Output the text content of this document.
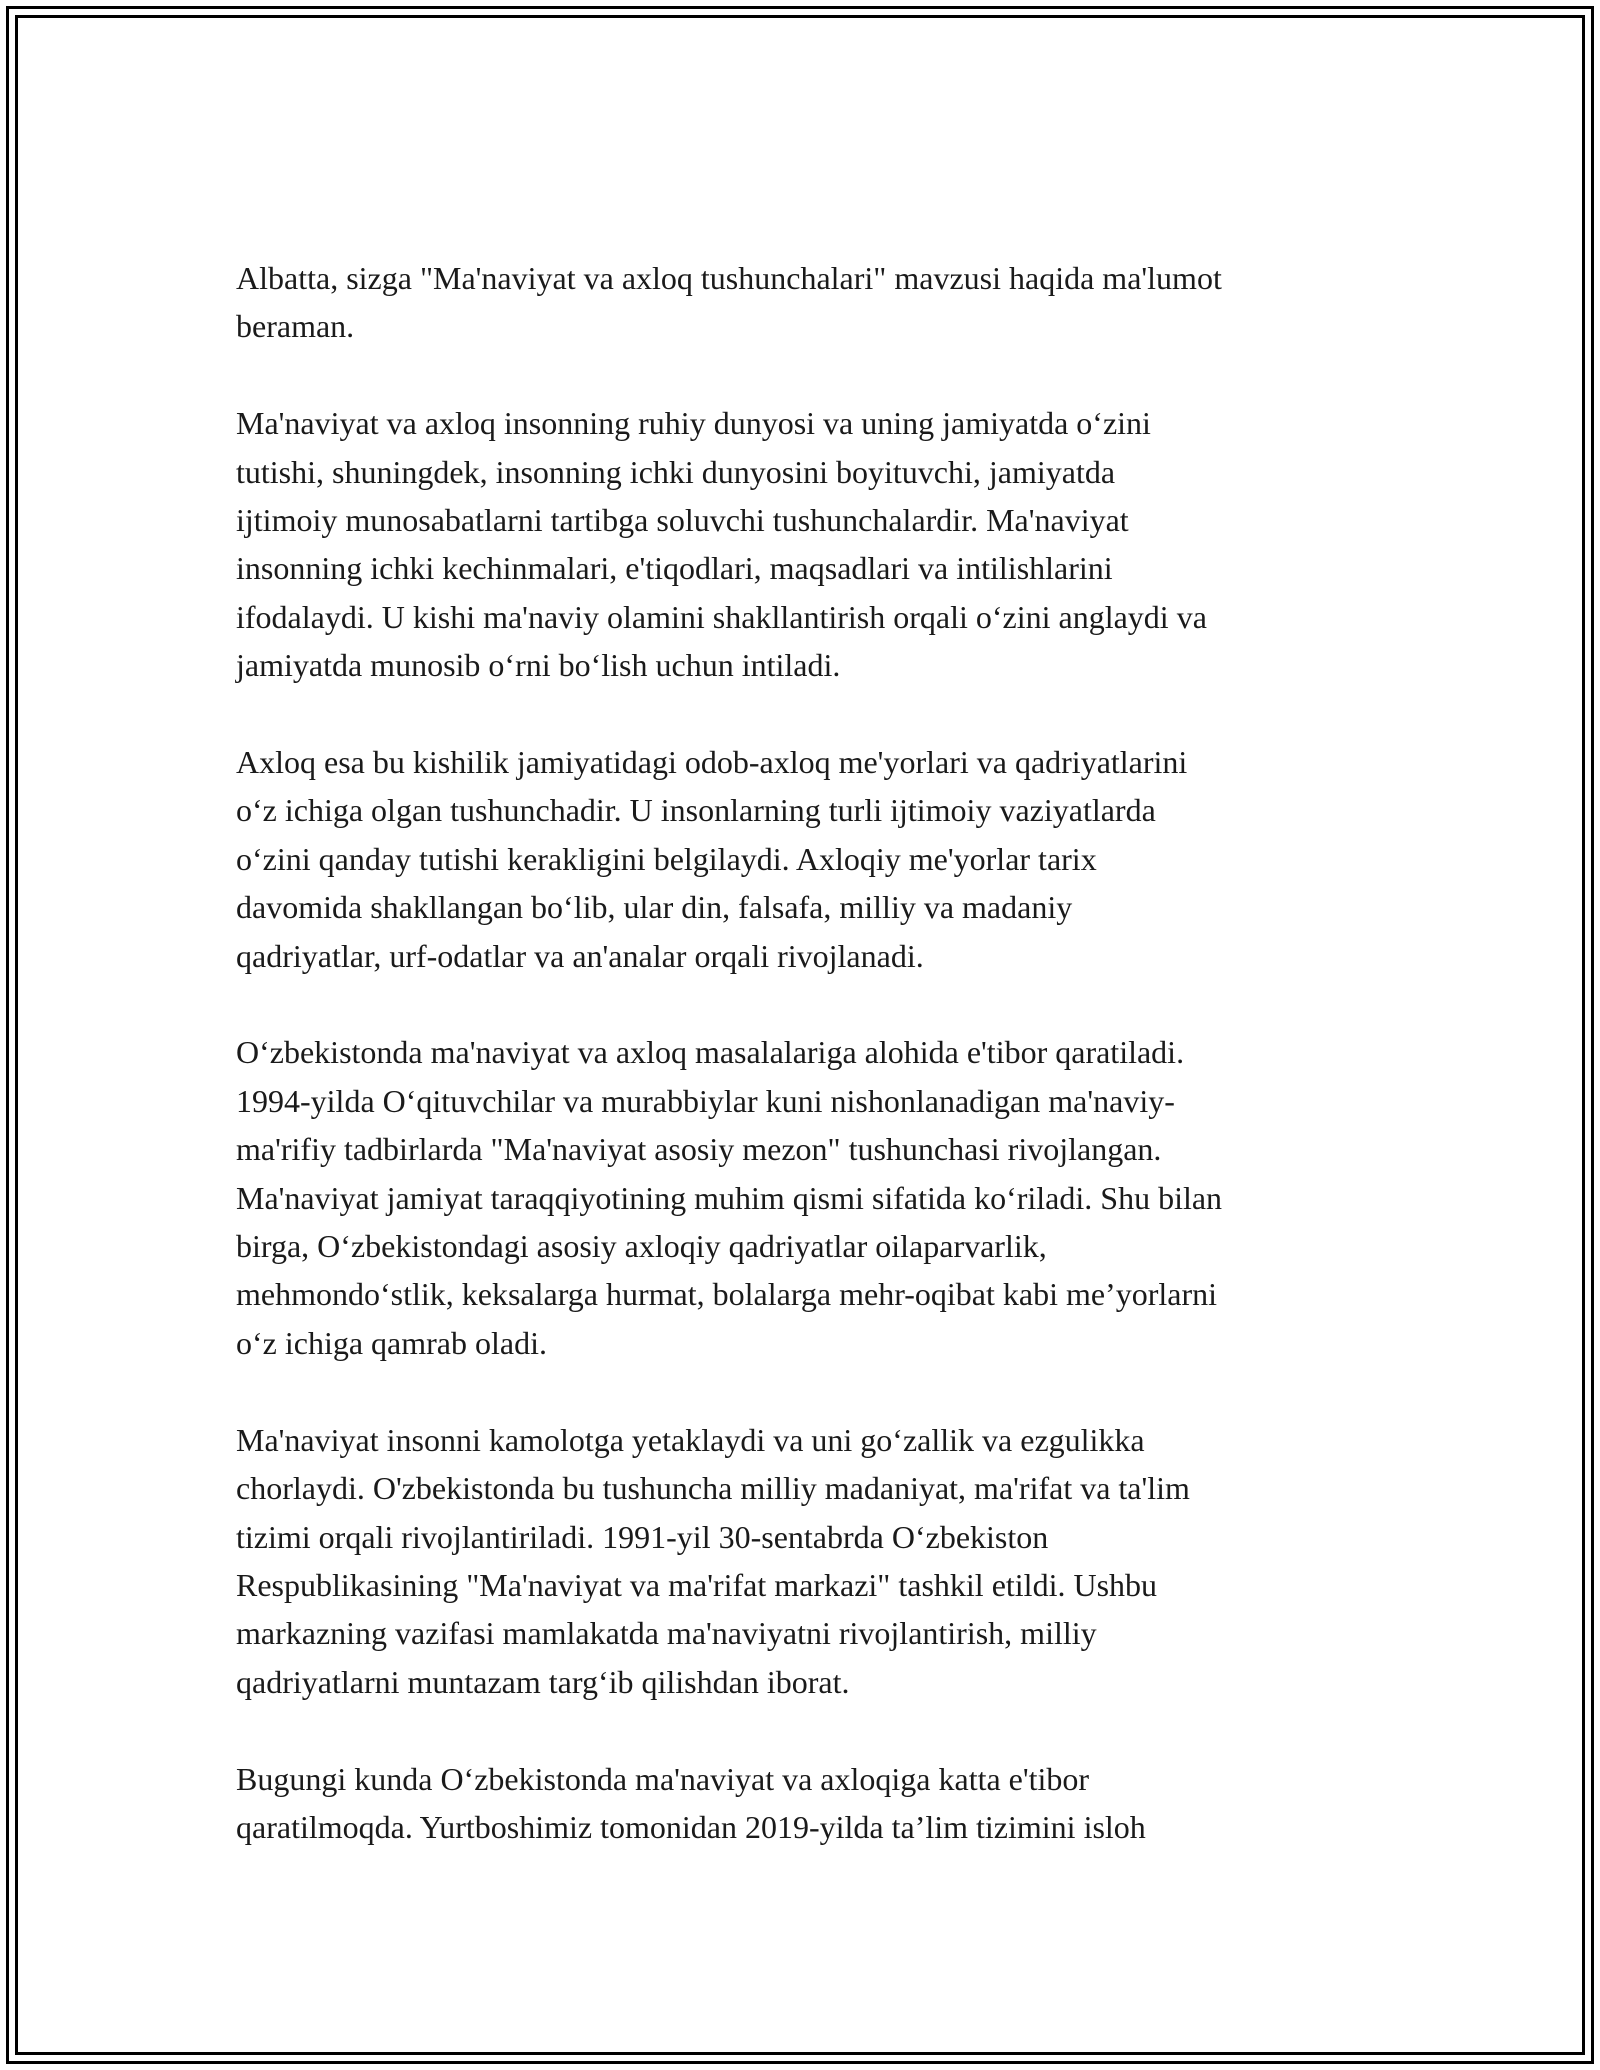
Albatta, sizga "Ma'naviyat va axloq tushunchalari" mavzusi haqida ma'lumot
beraman.

Ma'naviyat va axloq insonning ruhiy dunyosi va uning jamiyatda o‘zini
tutishi, shuningdek, insonning ichki dunyosini boyituvchi, jamiyatda
ijtimoiy munosabatlarni tartibga soluvchi tushunchalardir. Ma'naviyat
insonning ichki kechinmalari, e'tiqodlari, maqsadlari va intilishlarini
ifodalaydi. U kishi ma'naviy olamini shakllantirish orqali o‘zini anglaydi va
jamiyatda munosib o‘rni bo‘lish uchun intiladi.

Axloq esa bu kishilik jamiyatidagi odob-axloq me'yorlari va qadriyatlarini
o‘z ichiga olgan tushunchadir. U insonlarning turli ijtimoiy vaziyatlarda
o‘zini qanday tutishi kerakligini belgilaydi. Axloqiy me'yorlar tarix
davomida shakllangan bo‘lib, ular din, falsafa, milliy va madaniy
qadriyatlar, urf-odatlar va an'analar orqali rivojlanadi.

O‘zbekistonda ma'naviyat va axloq masalalariga alohida e'tibor qaratiladi.
1994-yilda O‘qituvchilar va murabbiylar kuni nishonlanadigan ma'naviy-
ma'rifiy tadbirlarda "Ma'naviyat asosiy mezon" tushunchasi rivojlangan.
Ma'naviyat jamiyat taraqqiyotining muhim qismi sifatida ko‘riladi. Shu bilan
birga, O‘zbekistondagi asosiy axloqiy qadriyatlar oilaparvarlik,
mehmondo‘stlik, keksalarga hurmat, bolalarga mehr-oqibat kabi me’yorlarni
o‘z ichiga qamrab oladi.

Ma'naviyat insonni kamolotga yetaklaydi va uni go‘zallik va ezgulikka
chorlaydi. O'zbekistonda bu tushuncha milliy madaniyat, ma'rifat va ta'lim
tizimi orqali rivojlantiriladi. 1991-yil 30-sentabrda O‘zbekiston
Respublikasining "Ma'naviyat va ma'rifat markazi" tashkil etildi. Ushbu
markazning vazifasi mamlakatda ma'naviyatni rivojlantirish, milliy
qadriyatlarni muntazam targ‘ib qilishdan iborat.

Bugungi kunda O‘zbekistonda ma'naviyat va axloqiga katta e'tibor
qaratilmoqda. Yurtboshimiz tomonidan 2019-yilda ta’lim tizimini isloh
